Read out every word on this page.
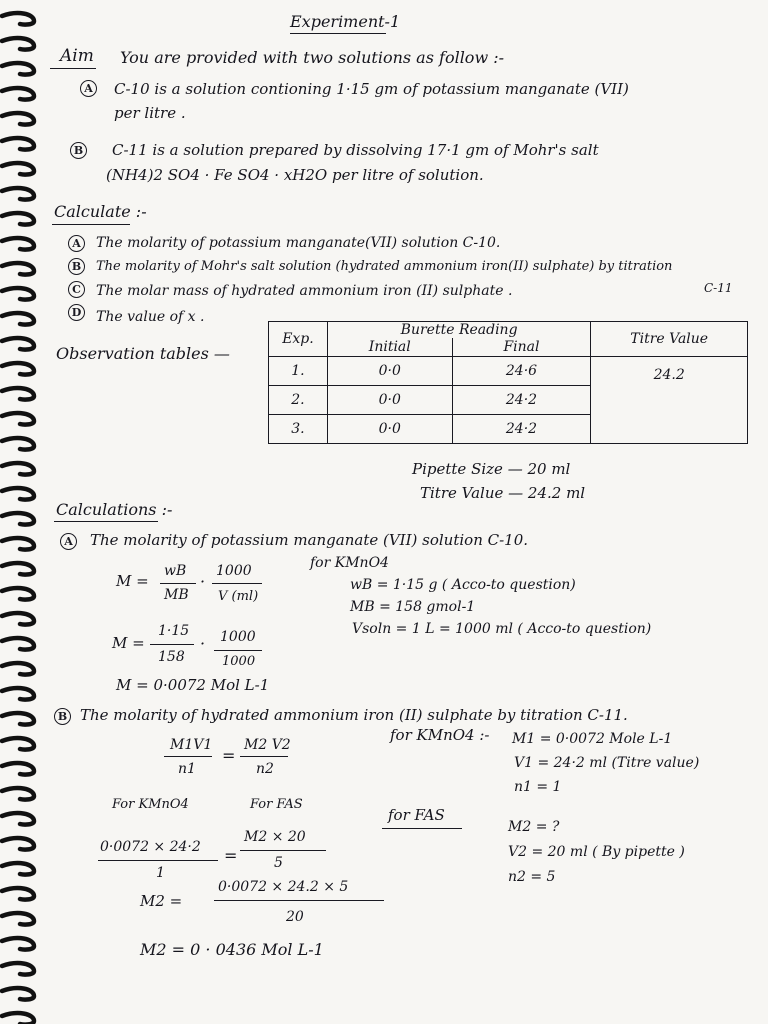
Experiment-1
Aim You are provided with two solutions as follow :-
A C-10 is a solution contioning 1·15 gm of potassium manganate (VII)
per litre .
B C-11 is a solution prepared by dissolving 17·1 gm of Mohr's salt
(NH4)2 SO4 · Fe SO4 · xH2O per litre of solution.
Calculate :-
A	The molarity of potassium manganate(VII) solution C-10.
B The molarity of Mohr's salt solution (hydrated ammonium iron(II) sulphate) by titration
C-11
C The molar mass of hydrated ammonium iron (II) sulphate .
D The value of x .
Observation tables —
Exp.	Burette Reading		Titre Value
	Initial	Final	
1.	0·0	24·6	24.2
2.	0·0	24·2	
3.	0·0	24·2	
Pipette Size — 20 ml
Titre Value — 24.2 ml
Calculations :-
A The molarity of potassium manganate (VII) solution C-10.
M =
wB
MB
·
1000
V (ml)
for KMnO4
wB = 1·15 g ( Acco-to question)
MB = 158 gmol-1
Vsoln = 1 L = 1000 ml ( Acco-to question)
M =
1·15
158
· 1000
1000
M = 0·0072 Mol L-1
B The molarity of hydrated ammonium iron (II) sulphate by titration C-11.
M1V1
n1
=
M2 V2
n2
For KMnO4	For FAS
for KMnO4 :- M1 = 0·0072 Mole L-1
V1 = 24·2 ml (Titre value)
n1 = 1
for FAS
M2 = ?
V2 = 20 ml ( By pipette )
n2 = 5
0·0072 × 24·2
1
=
M2 × 20
5
M2 =
0·0072 × 24.2 × 5
20
M2 = 0 · 0436 Mol L-1
